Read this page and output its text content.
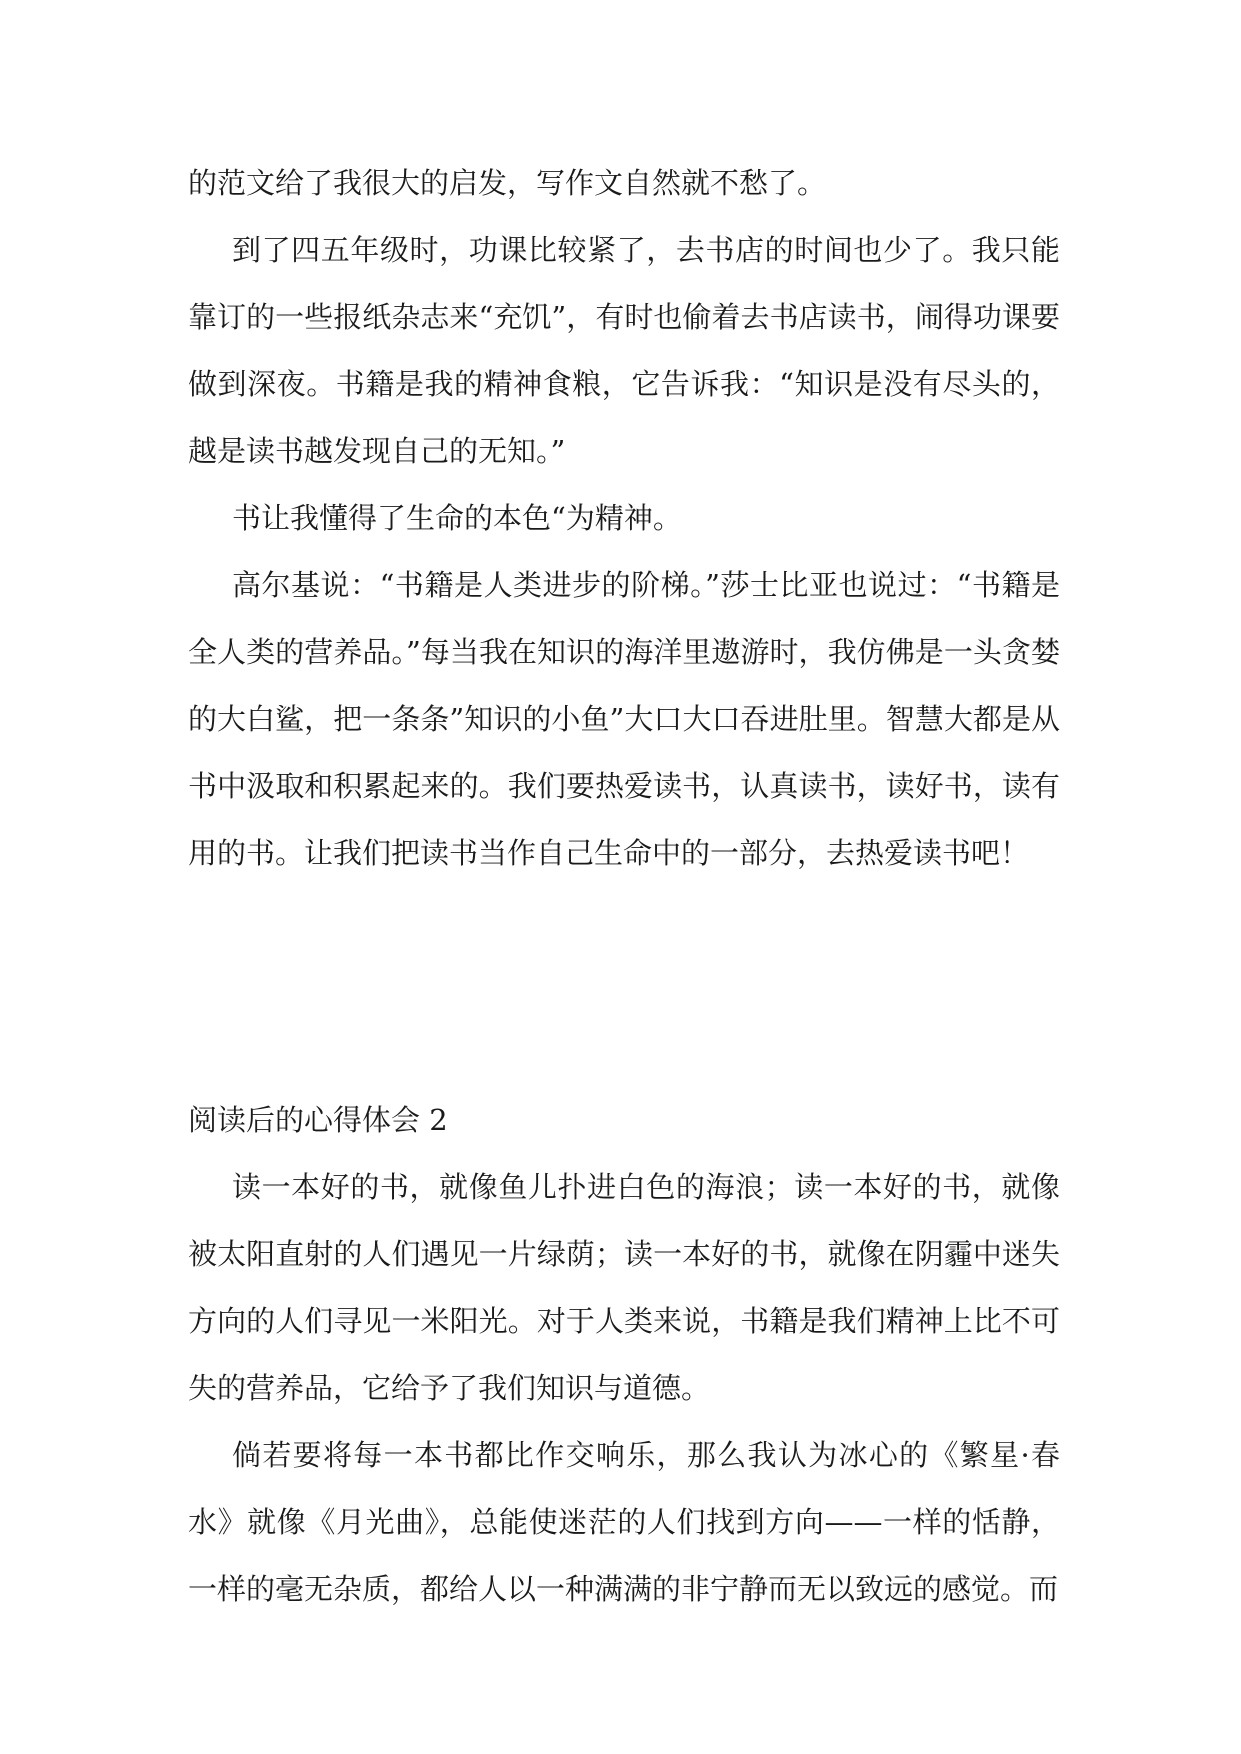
的范文给了我很大的启发，写作文自然就不愁了。

到了四五年级时，功课比较紧了，去书店的时间也少了。我只能靠订的一些报纸杂志来“充饥”，有时也偷着去书店读书，闹得功课要做到深夜。书籍是我的精神食粮，它告诉我：“知识是没有尽头的，越是读书越发现自己的无知。”

书让我懂得了生命的本色“为精神。

高尔基说：“书籍是人类进步的阶梯。”莎士比亚也说过：“书籍是全人类的营养品。”每当我在知识的海洋里遨游时，我仿佛是一头贪婪的大白鲨，把一条条”知识的小鱼”大口大口吞进肚里。智慧大都是从书中汲取和积累起来的。我们要热爱读书，认真读书，读好书，读有用的书。让我们把读书当作自己生命中的一部分，去热爱读书吧！

阅读后的心得体会 2

读一本好的书，就像鱼儿扑进白色的海浪；读一本好的书，就像被太阳直射的人们遇见一片绿荫；读一本好的书，就像在阴霾中迷失方向的人们寻见一米阳光。对于人类来说，书籍是我们精神上比不可失的营养品，它给予了我们知识与道德。

倘若要将每一本书都比作交响乐，那么我认为冰心的《繁星·春水》就像《月光曲》，总能使迷茫的人们找到方向——一样的恬静，一样的毫无杂质，都给人以一种满满的非宁静而无以致远的感觉。而
